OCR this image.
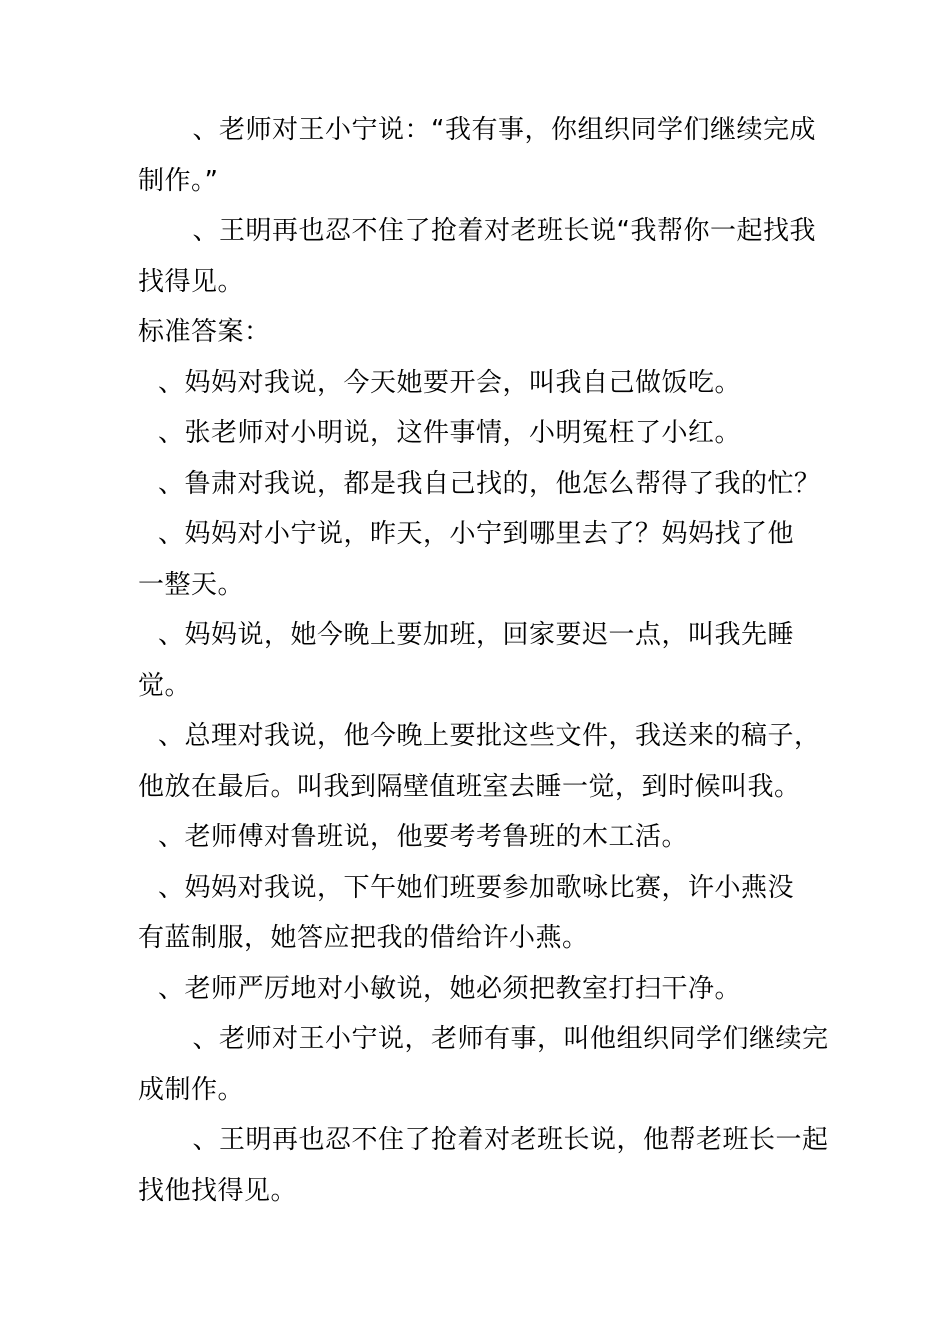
　、老师对王小宁说：“我有事，你组织同学们继续完成
制作。”
　、王明再也忍不住了抢着对老班长说“我帮你一起找我
找得见。
标准答案：
、妈妈对我说，今天她要开会，叫我自己做饭吃。
、张老师对小明说，这件事情，小明冤枉了小红。
、鲁肃对我说，都是我自己找的，他怎么帮得了我的忙？
、妈妈对小宁说，昨天，小宁到哪里去了？妈妈找了他
一整天。
、妈妈说，她今晚上要加班，回家要迟一点，叫我先睡
觉。
、总理对我说，他今晚上要批这些文件，我送来的稿子，
他放在最后。叫我到隔壁值班室去睡一觉，到时候叫我。
、老师傅对鲁班说，他要考考鲁班的木工活。
、妈妈对我说，下午她们班要参加歌咏比赛，许小燕没
有蓝制服，她答应把我的借给许小燕。
、老师严厉地对小敏说，她必须把教室打扫干净。
　、老师对王小宁说，老师有事，叫他组织同学们继续完
成制作。
　、王明再也忍不住了抢着对老班长说，他帮老班长一起
找他找得见。
